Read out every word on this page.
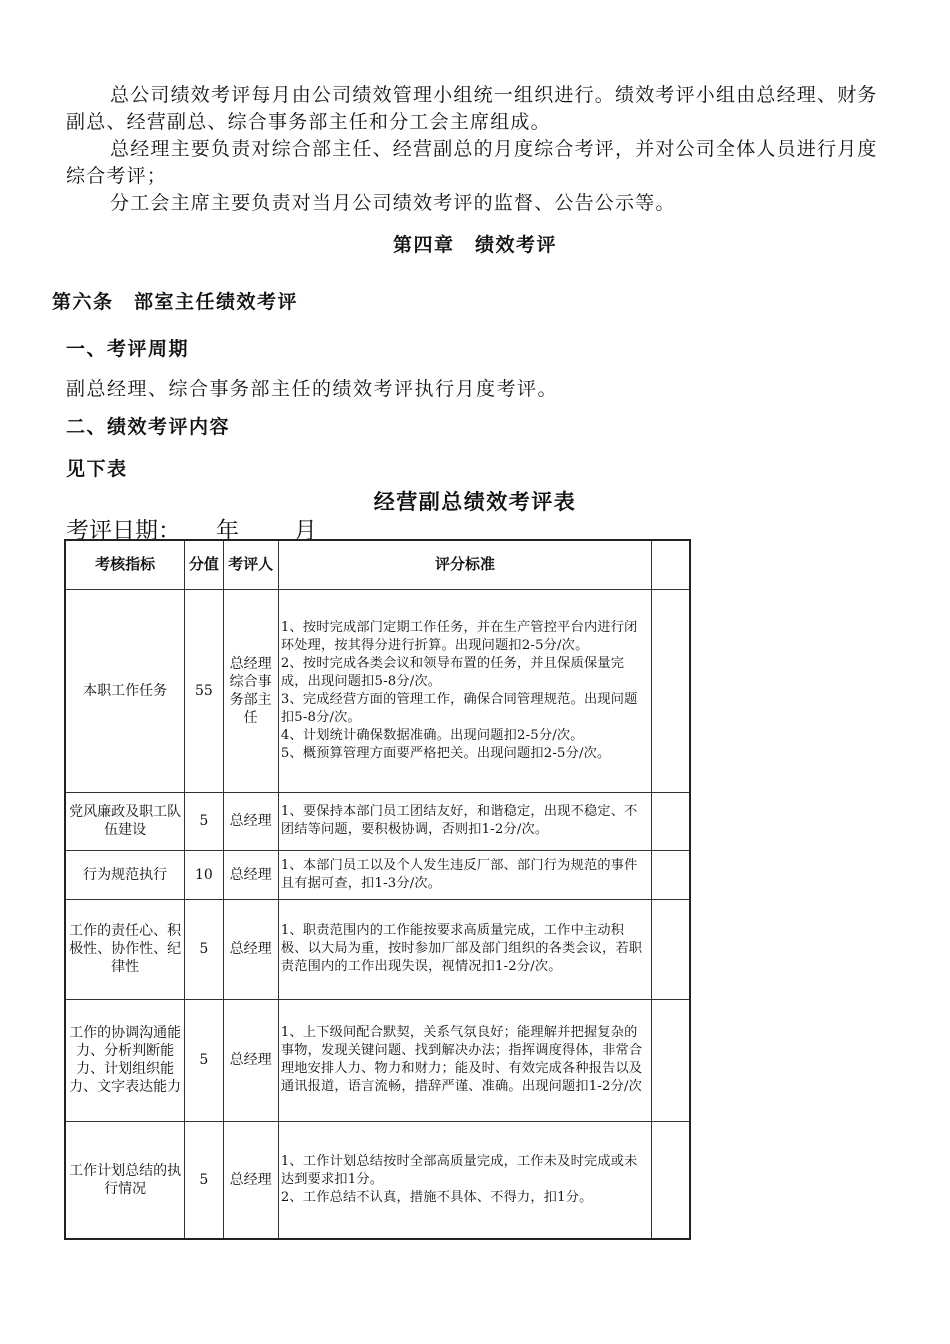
总公司绩效考评每月由公司绩效管理小组统一组织进行。绩效考评小组由总经理、财务副总、经营副总、综合事务部主任和分工会主席组成。

总经理主要负责对综合部主任、经营副总的月度综合考评，并对公司全体人员进行月度综合考评；

分工会主席主要负责对当月公司绩效考评的监督、公告公示等。

第四章　绩效考评

第六条　部室主任绩效考评

一、考评周期

副总经理、综合事务部主任的绩效考评执行月度考评。

二、绩效考评内容

见下表

经营副总绩效考评表

考评日期： 年 月

考核指标	分值	考评人	评分标准	
本职工作任务	55	总经理综合事务部主任	1、按时完成部门定期工作任务，并在生产管控平台内进行闭环处理，按其得分进行折算。出现问题扣2-5分/次。
2、按时完成各类会议和领导布置的任务，并且保质保量完成，出现问题扣5-8分/次。
3、完成经营方面的管理工作，确保合同管理规范。出现问题扣5-8分/次。
4、计划统计确保数据准确。出现问题扣2-5分/次。
5、概预算管理方面要严格把关。出现问题扣2-5分/次。	
党风廉政及职工队伍建设	5	总经理	1、要保持本部门员工团结友好，和谐稳定，出现不稳定、不团结等问题，要积极协调，否则扣1-2分/次。	
行为规范执行	10	总经理	1、本部门员工以及个人发生违反厂部、部门行为规范的事件且有据可查，扣1-3分/次。	
工作的责任心、积极性、协作性、纪律性	5	总经理	1、职责范围内的工作能按要求高质量完成，工作中主动积极、以大局为重，按时参加厂部及部门组织的各类会议，若职责范围内的工作出现失误，视情况扣1-2分/次。	
工作的协调沟通能力、分析判断能力、计划组织能力、文字表达能力	5	总经理	1、上下级间配合默契，关系气氛良好；能理解并把握复杂的事物，发现关键问题、找到解决办法；指挥调度得体，非常合理地安排人力、物力和财力；能及时、有效完成各种报告以及通讯报道，语言流畅，措辞严谨、准确。出现问题扣1-2分/次	
工作计划总结的执行情况	5	总经理	1、工作计划总结按时全部高质量完成，工作未及时完成或未达到要求扣1分。
2、工作总结不认真，措施不具体、不得力，扣1分。	
